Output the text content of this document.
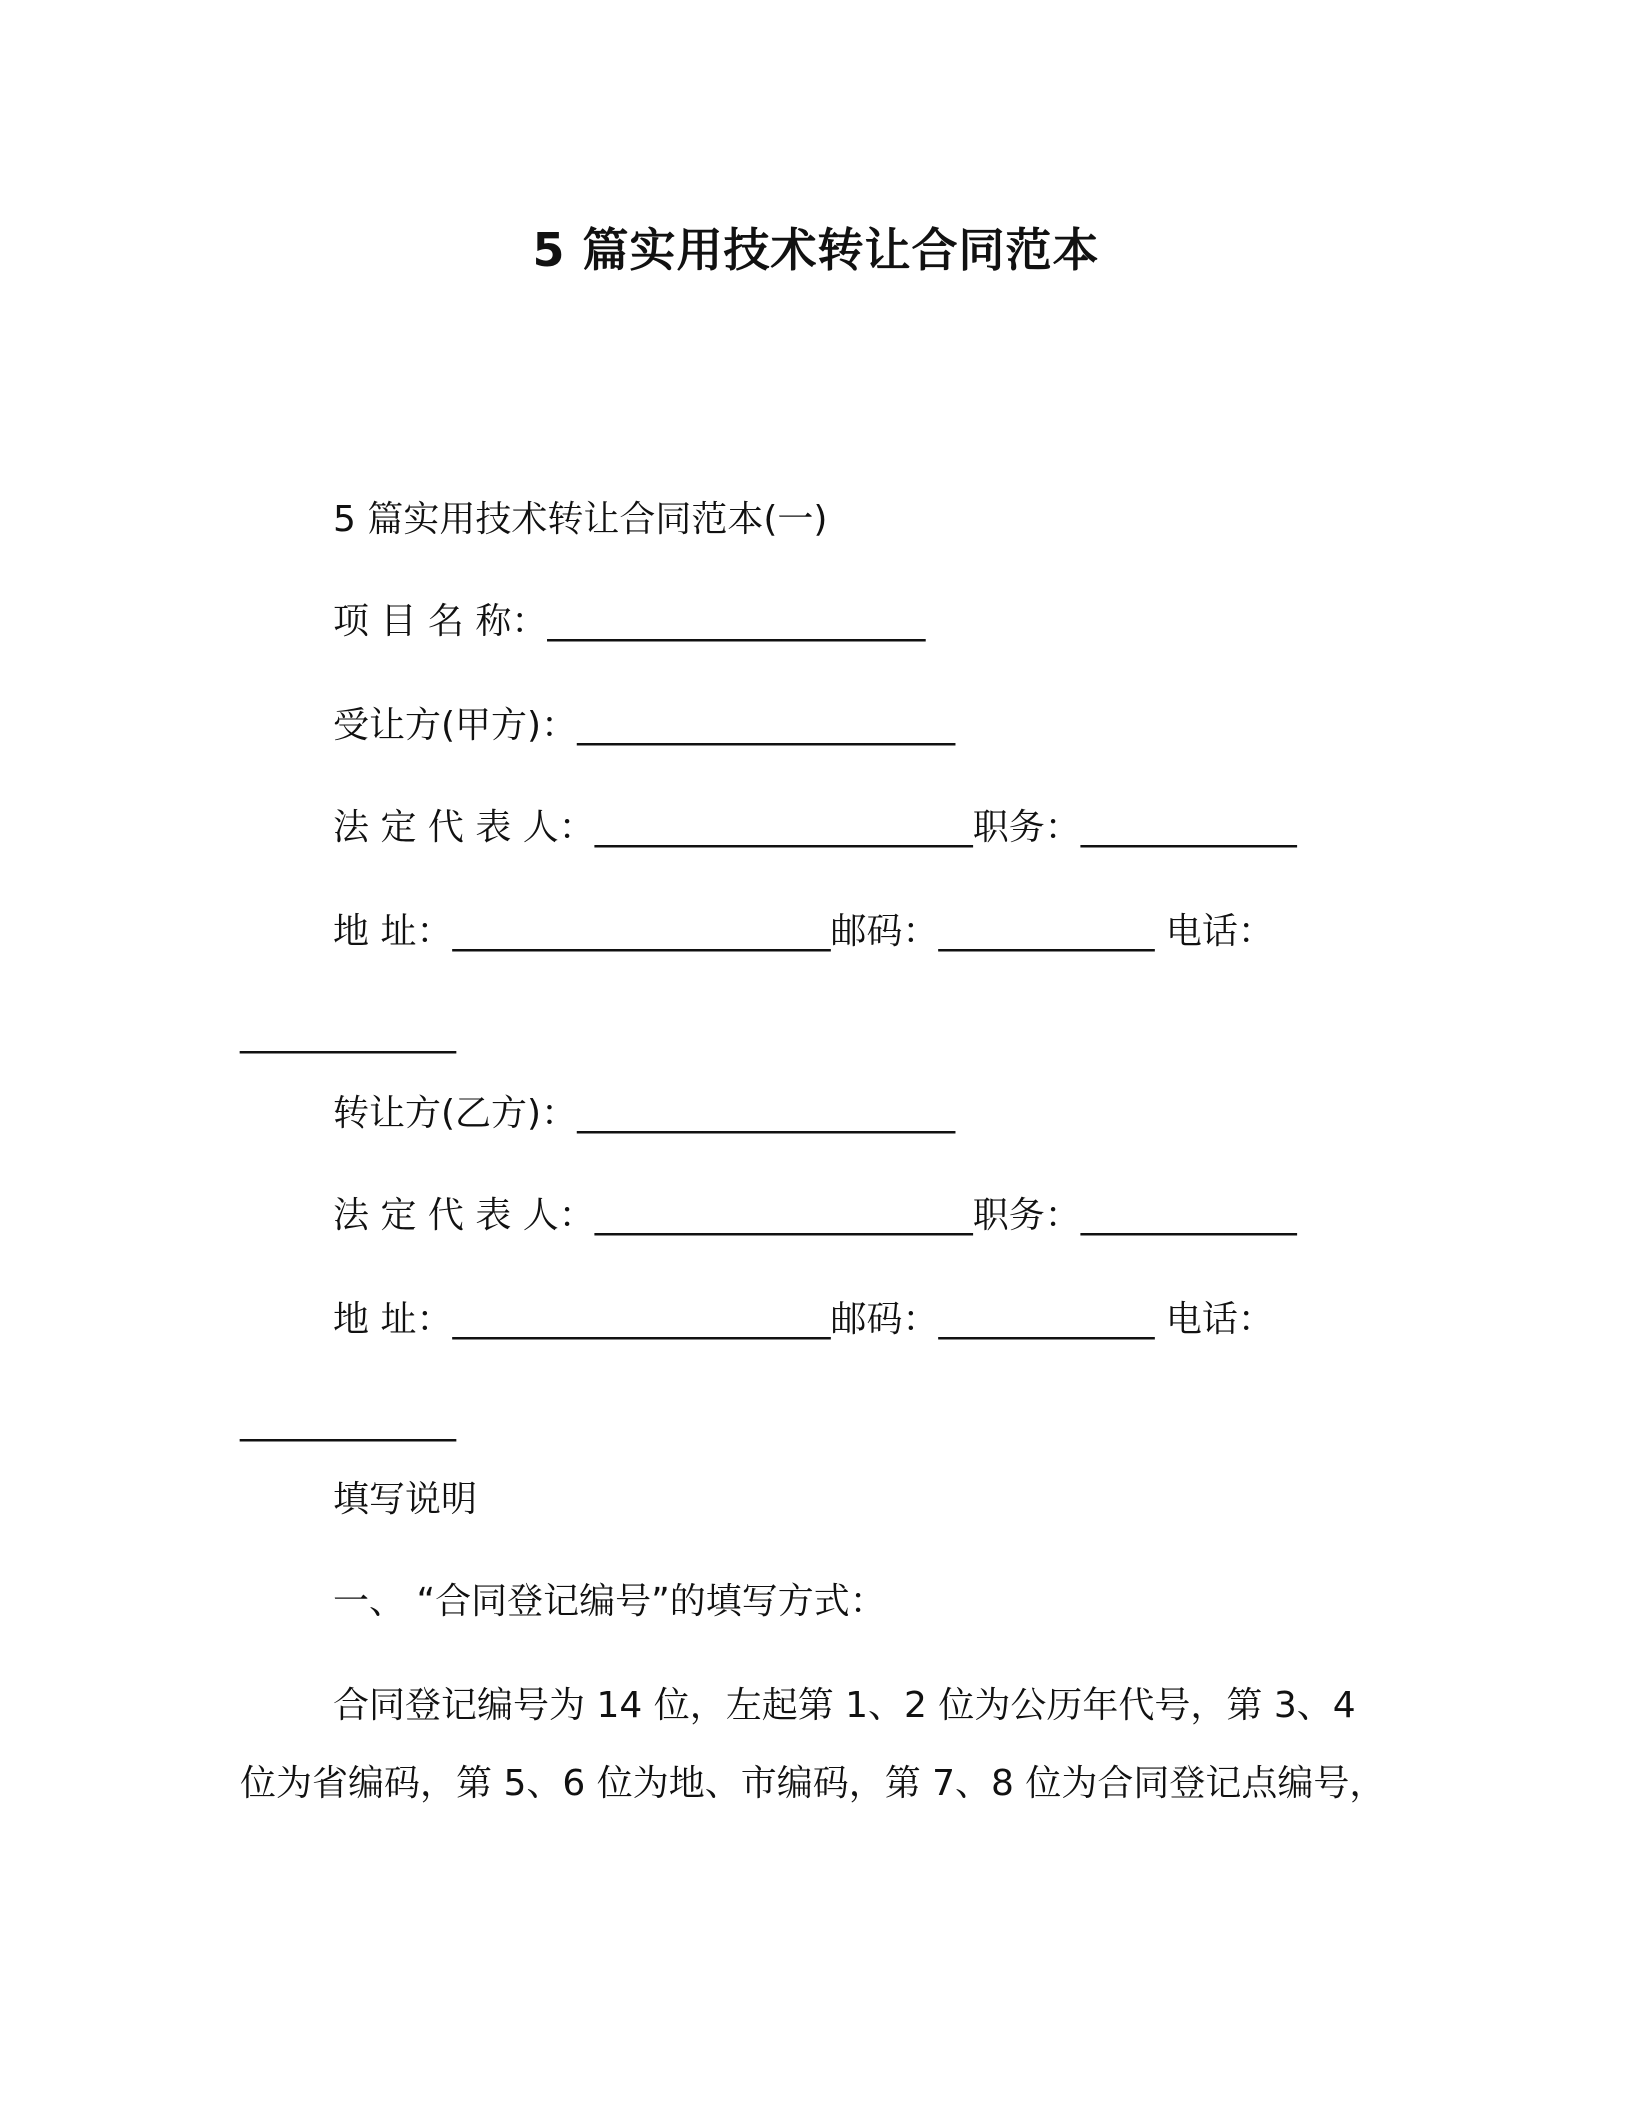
5 篇实用技术转让合同范本
5 篇实用技术转让合同范本(一)
项 目 名 称：_____________________
受让方(甲方)：_____________________
法 定 代 表 人：_____________________职务：____________
地 址：_____________________邮码：____________ 电话：
____________
转让方(乙方)：_____________________
法 定 代 表 人：_____________________职务：____________
地 址：_____________________邮码：____________ 电话：
____________
填写说明
一、 “合同登记编号”的填写方式：
合同登记编号为 14 位，左起第 1、2 位为公历年代号，第 3、4
位为省编码，第 5、6 位为地、市编码，第 7、8 位为合同登记点编号，
